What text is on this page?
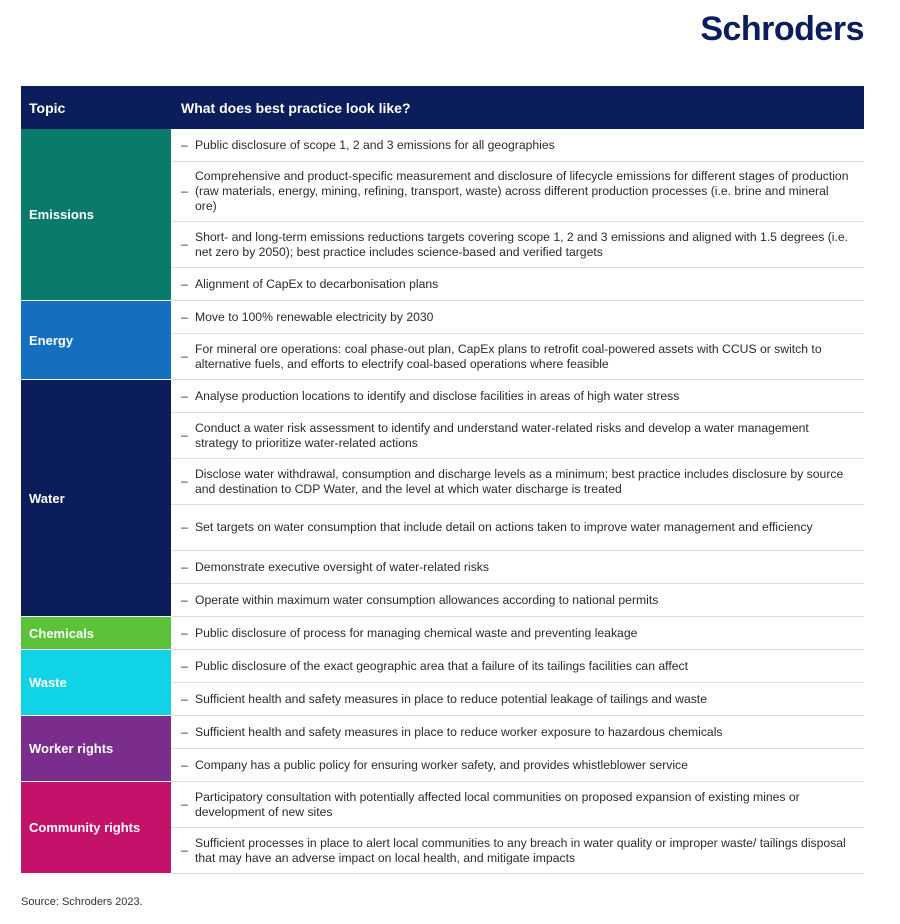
Schroders
Topic	What does best practice look like?
Emissions
– Public disclosure of scope 1, 2 and 3 emissions for all geographies
–
Comprehensive and product-specific measurement and disclosure of lifecycle emissions for different stages of production (raw materials, energy, mining, refining, transport, waste) across different production processes (i.e. brine and mineral ore)
–
Short- and long-term emissions reductions targets covering scope 1, 2 and 3 emissions and aligned with 1.5 degrees (i.e. net zero by 2050); best practice includes science-based and verified targets
– Alignment of CapEx to decarbonisation plans
Energy
– Move to 100% renewable electricity by 2030
–
For mineral ore operations: coal phase-out plan, CapEx plans to retrofit coal-powered assets with CCUS or switch to alternative fuels, and efforts to electrify coal-based operations where feasible
Water
– Analyse production locations to identify and disclose facilities in areas of high water stress
–
Conduct a water risk assessment to identify and understand water-related risks and develop a water management strategy to prioritize water-related actions
–
Disclose water withdrawal, consumption and discharge levels as a minimum; best practice includes disclosure by source and destination to CDP Water, and the level at which water discharge is treated
– Set targets on water consumption that include detail on actions taken to improve water management and efficiency
– Demonstrate executive oversight of water-related risks
– Operate within maximum water consumption allowances according to national permits
Chemicals	– Public disclosure of process for managing chemical waste and preventing leakage
Waste
– Public disclosure of the exact geographic area that a failure of its tailings facilities can affect
– Sufficient health and safety measures in place to reduce potential leakage of tailings and waste
Worker rights
– Sufficient health and safety measures in place to reduce worker exposure to hazardous chemicals
– Company has a public policy for ensuring worker safety, and provides whistleblower service
Community rights
–
Participatory consultation with potentially affected local communities on proposed expansion of existing mines or development of new sites
–
Sufficient processes in place to alert local communities to any breach in water quality or improper waste/ tailings disposal that may have an adverse impact on local health, and mitigate impacts
Source: Schroders 2023.
